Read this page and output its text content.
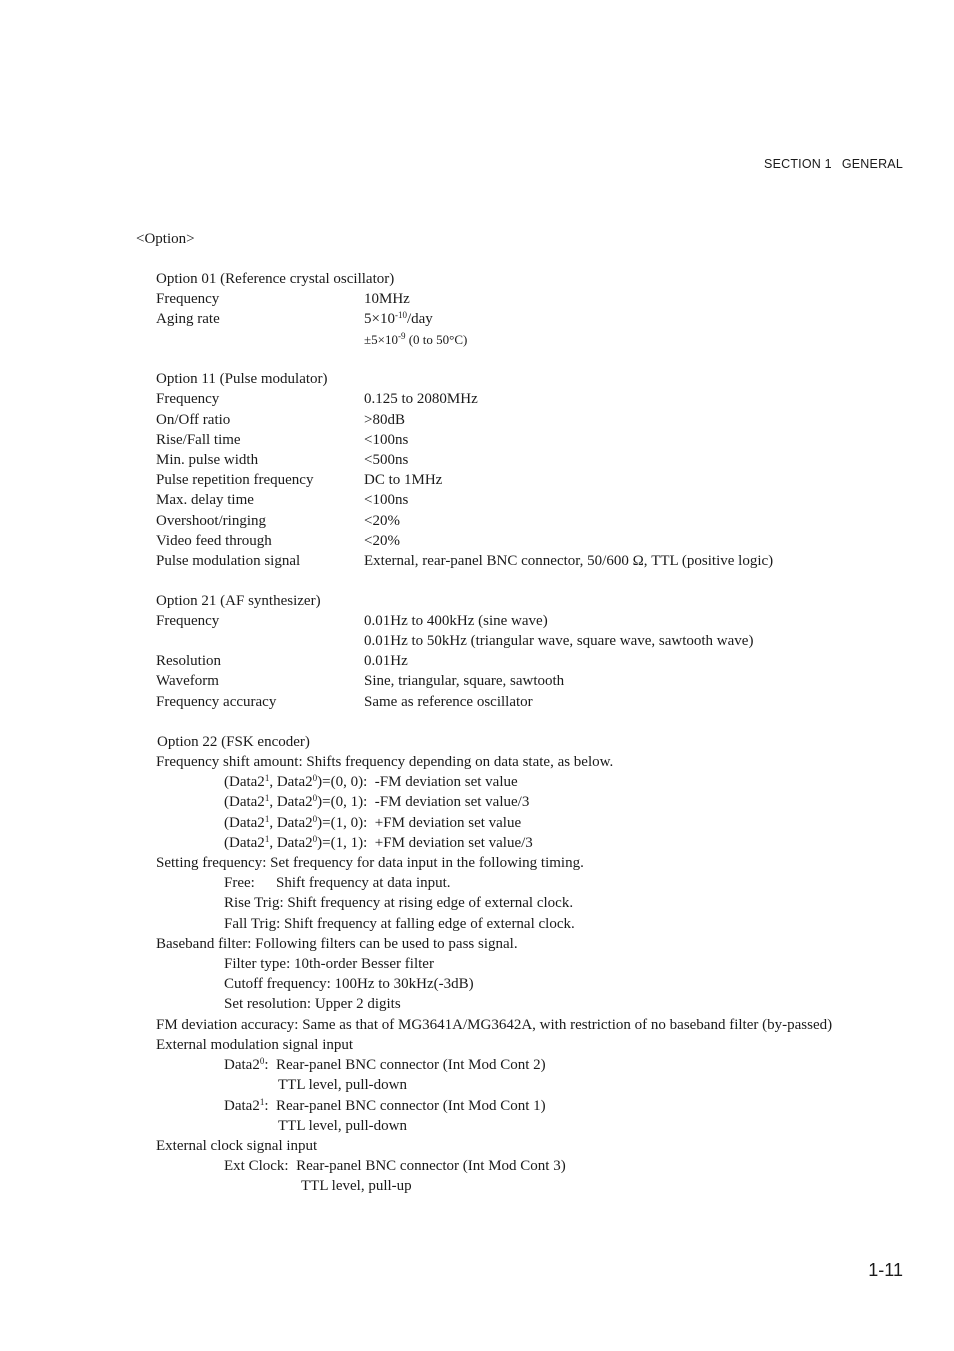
SECTION 1 GENERAL
<Option>
Option 01 (Reference crystal oscillator)
Frequency	10MHz
Aging rate	$5\times 10^{-10}$/day
$\pm 5\times 10^{-9}$ (0 to 50°C)
Option 11 (Pulse modulator)
Frequency	0.125 to 2080MHz
On/Off ratio	>80dB
Rise/Fall time	<100ns
Min. pulse width	<500ns
Pulse repetition frequency	DC to 1MHz
Max. delay time	<100ns
Overshoot/ringing	<20%
Video feed through	<20%
Pulse modulation signal	External, rear-panel BNC connector, 50/600 Ω, TTL (positive logic)
Option 21 (AF synthesizer)
Frequency	0.01Hz to 400kHz (sine wave)
0.01Hz to 50kHz (triangular wave, square wave, sawtooth wave)
Resolution	0.01Hz
Waveform	Sine, triangular, square, sawtooth
Frequency accuracy	Same as reference oscillator
Option 22 (FSK encoder)
Frequency shift amount: Shifts frequency depending on data state, as below.
($Data2^1$, $Data2^0)=(0$, 0): -FM deviation set value
($Data2^1$, $Data2^0)=(0$, 1): -FM deviation set value/3
($Data2^1$, $Data2^0)=(1$, 0): +FM deviation set value
($Data2^1$, $Data2^0)=(1$, 1): +FM deviation set value/3
Setting frequency: Set frequency for data input in the following timing.
Free: Shift frequency at data input.
Rise Trig: Shift frequency at rising edge of external clock.
Fall Trig: Shift frequency at falling edge of external clock.
Baseband filter: Following filters can be used to pass signal.
Filter type: 10th-order Besser filter
Cutoff frequency: 100Hz to 30kHz(-3dB)
Set resolution: Upper 2 digits
FM deviation accuracy: Same as that of MG3641A/MG3642A, with restriction of no baseband filter (by-passed)
External modulation signal input
$Data2^0$:  Rear-panel BNC connector (Int Mod Cont 2)
TTL level, pull-down
$Data2^1$:  Rear-panel BNC connector (Int Mod Cont 1)
TTL level, pull-down
External clock signal input
Ext Clock: Rear-panel BNC connector (Int Mod Cont 3)
TTL level, pull-up
1-11
